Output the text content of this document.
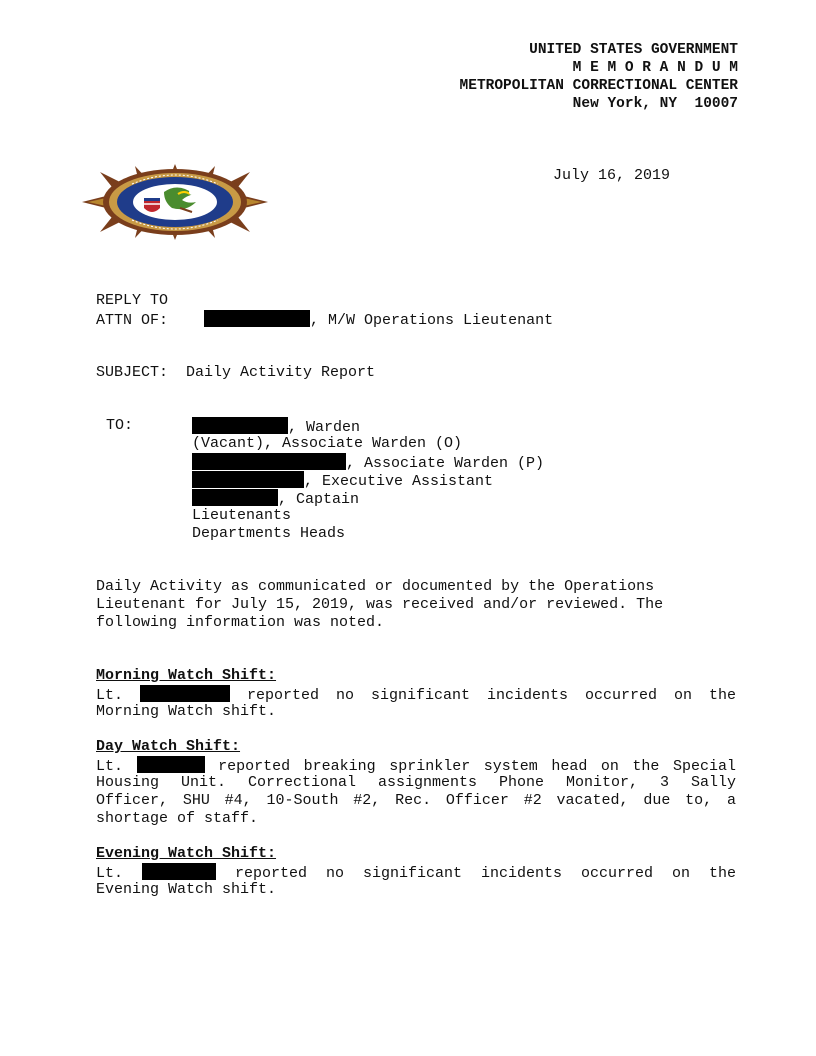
UNITED STATES GOVERNMENT
M E M O R A N D U M
METROPOLITAN CORRECTIONAL CENTER
New York, NY  10007
July 16, 2019
REPLY TO
ATTN OF:	, M/W Operations Lieutenant
SUBJECT: Daily Activity Report
TO:	, Warden
(Vacant), Associate Warden (O)
, Associate Warden (P)
, Executive Assistant
, Captain
Lieutenants
Departments Heads
Daily Activity as communicated or documented by the Operations
Lieutenant for July 15, 2019, was received and/or reviewed. The
following information was noted.
Morning Watch Shift:
Lt.	reported no significant incidents occurred on the
Morning Watch shift.
Day Watch Shift:
Lt.	reported breaking sprinkler system head on the Special
Housing Unit. Correctional assignments Phone Monitor, 3 Sally
Officer, SHU #4, 10-South #2, Rec. Officer #2 vacated, due to, a
shortage of staff.
Evening Watch Shift:
Lt.	reported no significant incidents occurred on the
Evening Watch shift.
